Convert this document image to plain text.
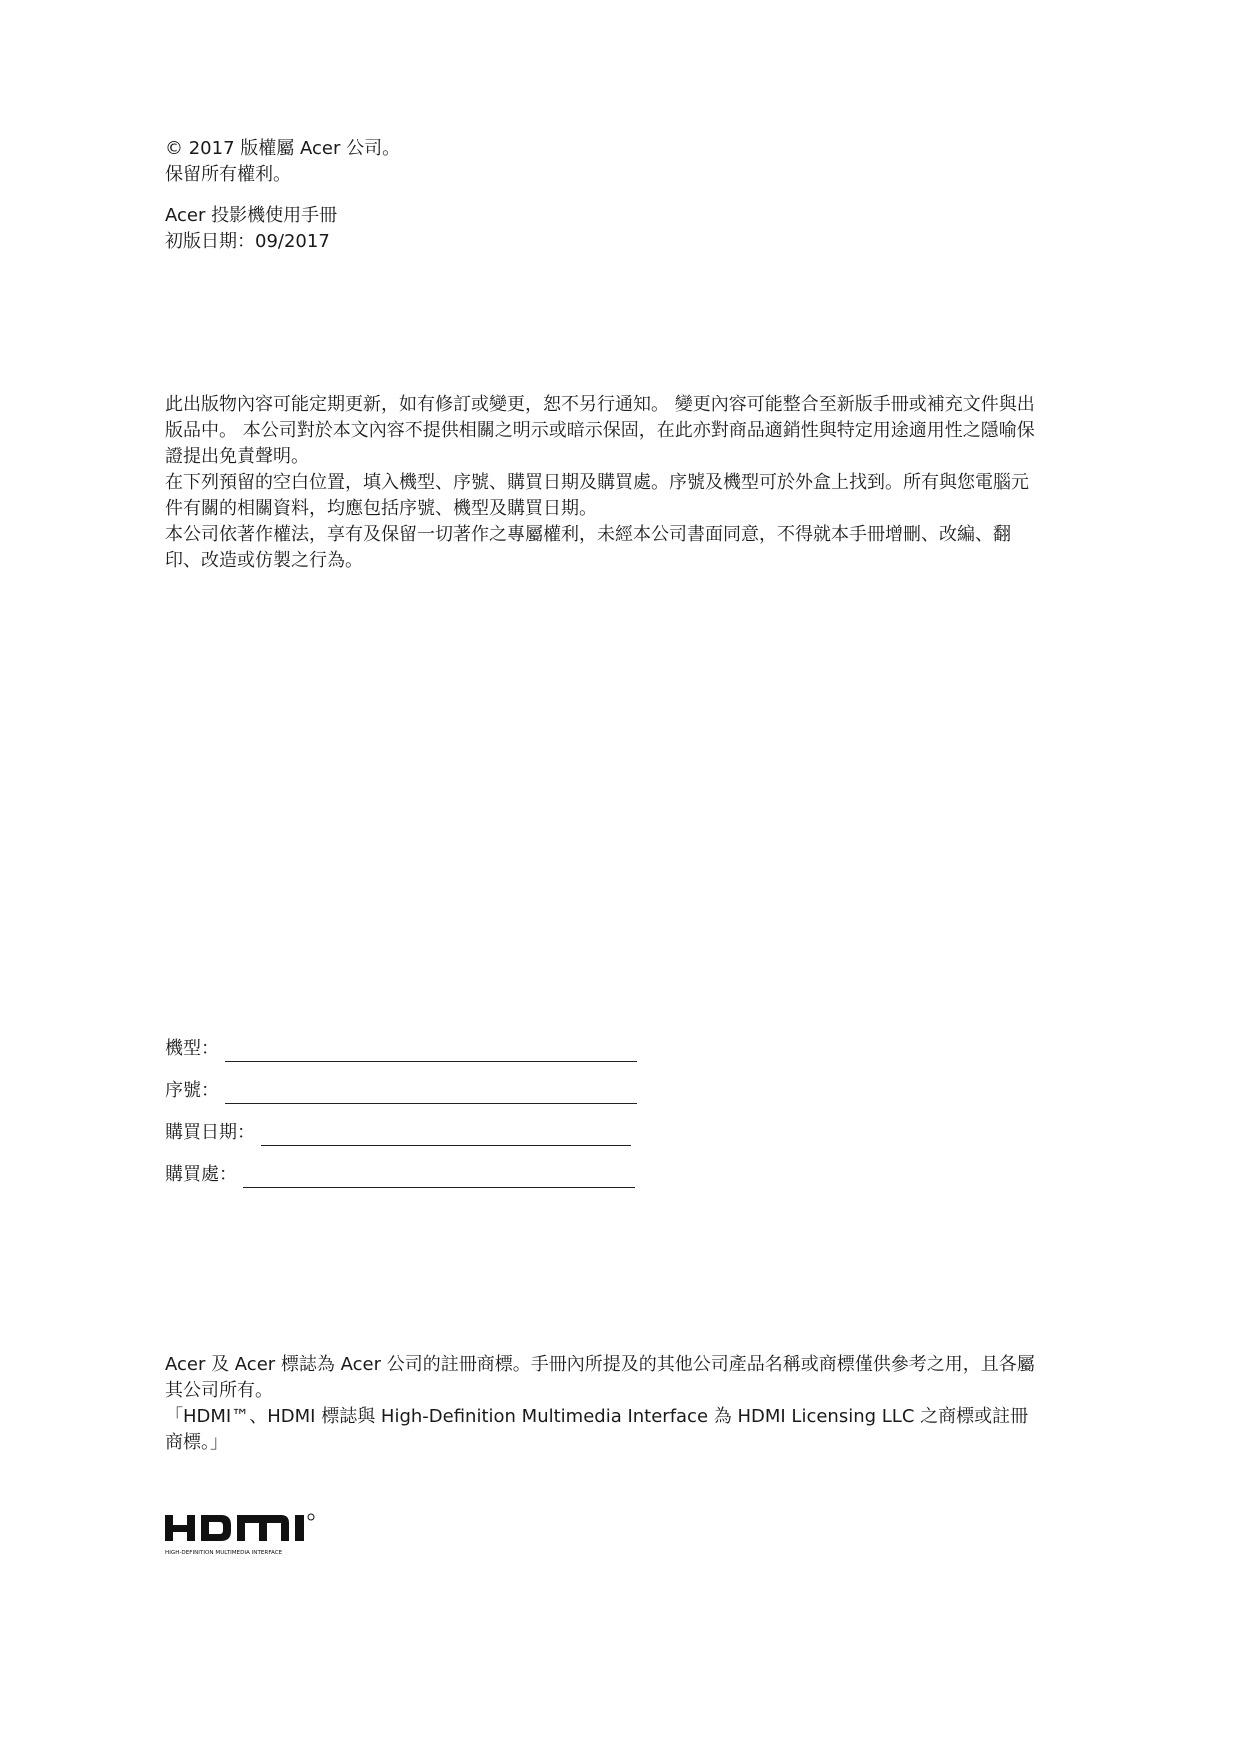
© 2017 版權屬 Acer 公司。

保留所有權利。

Acer 投影機使用手冊

初版日期：09/2017

此出版物內容可能定期更新，如有修訂或變更，恕不另行通知。 變更內容可能整合至新版手冊或補充文件與出版品中。 本公司對於本文內容不提供相關之明示或暗示保固，在此亦對商品適銷性與特定用途適用性之隱喻保證提出免責聲明。

在下列預留的空白位置，填入機型、序號、購買日期及購買處。序號及機型可於外盒上找到。所有與您電腦元件有關的相關資料，均應包括序號、機型及購買日期。

本公司依著作權法，享有及保留一切著作之專屬權利，未經本公司書面同意，不得就本手冊增刪、改編、翻印、改造或仿製之行為。

機型：
序號：
購買日期：
購買處：

Acer 及 Acer 標誌為 Acer 公司的註冊商標。手冊內所提及的其他公司產品名稱或商標僅供參考之用，且各屬其公司所有。

「HDMI™、HDMI 標誌與 High-Definition Multimedia Interface 為 HDMI Licensing LLC 之商標或註冊商標。」

HIGH-DEFINITION MULTIMEDIA INTERFACE
